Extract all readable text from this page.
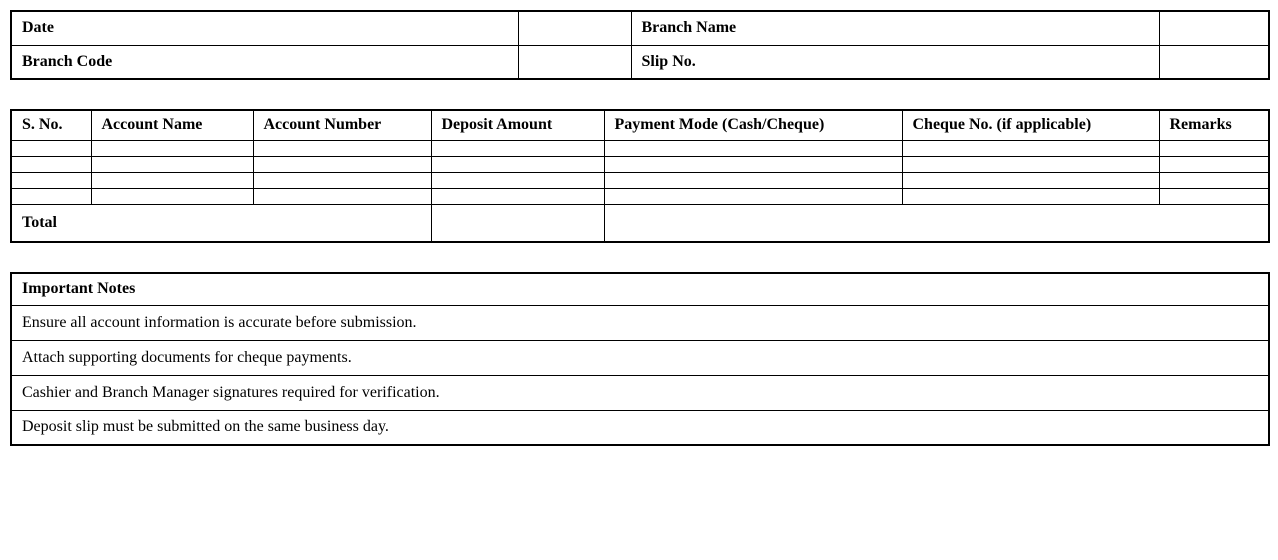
Date		Branch Name	
Branch Code		Slip No.	
S. No.	Account Name	Account Number	Deposit Amount	Payment Mode (Cash/Cheque)	Cheque No. (if applicable)	Remarks

Total						
Important Notes
Ensure all account information is accurate before submission.
Attach supporting documents for cheque payments.
Cashier and Branch Manager signatures required for verification.
Deposit slip must be submitted on the same business day.
